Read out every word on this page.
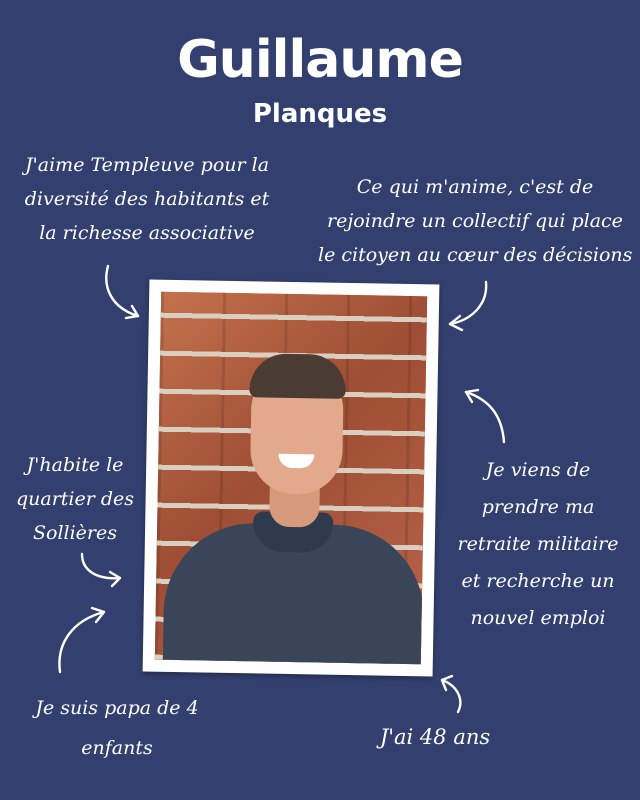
Guillaume
Planques
J'aime Templeuve pour la
diversité des habitants et
la richesse associative
Ce qui m'anime, c'est de
rejoindre un collectif qui place
le citoyen au cœur des décisions
J'habite le
quartier des
Sollières
Je viens de
prendre ma
retraite militaire
et recherche un
nouvel emploi
Je suis papa de 4
enfants	J'ai 48 ans
